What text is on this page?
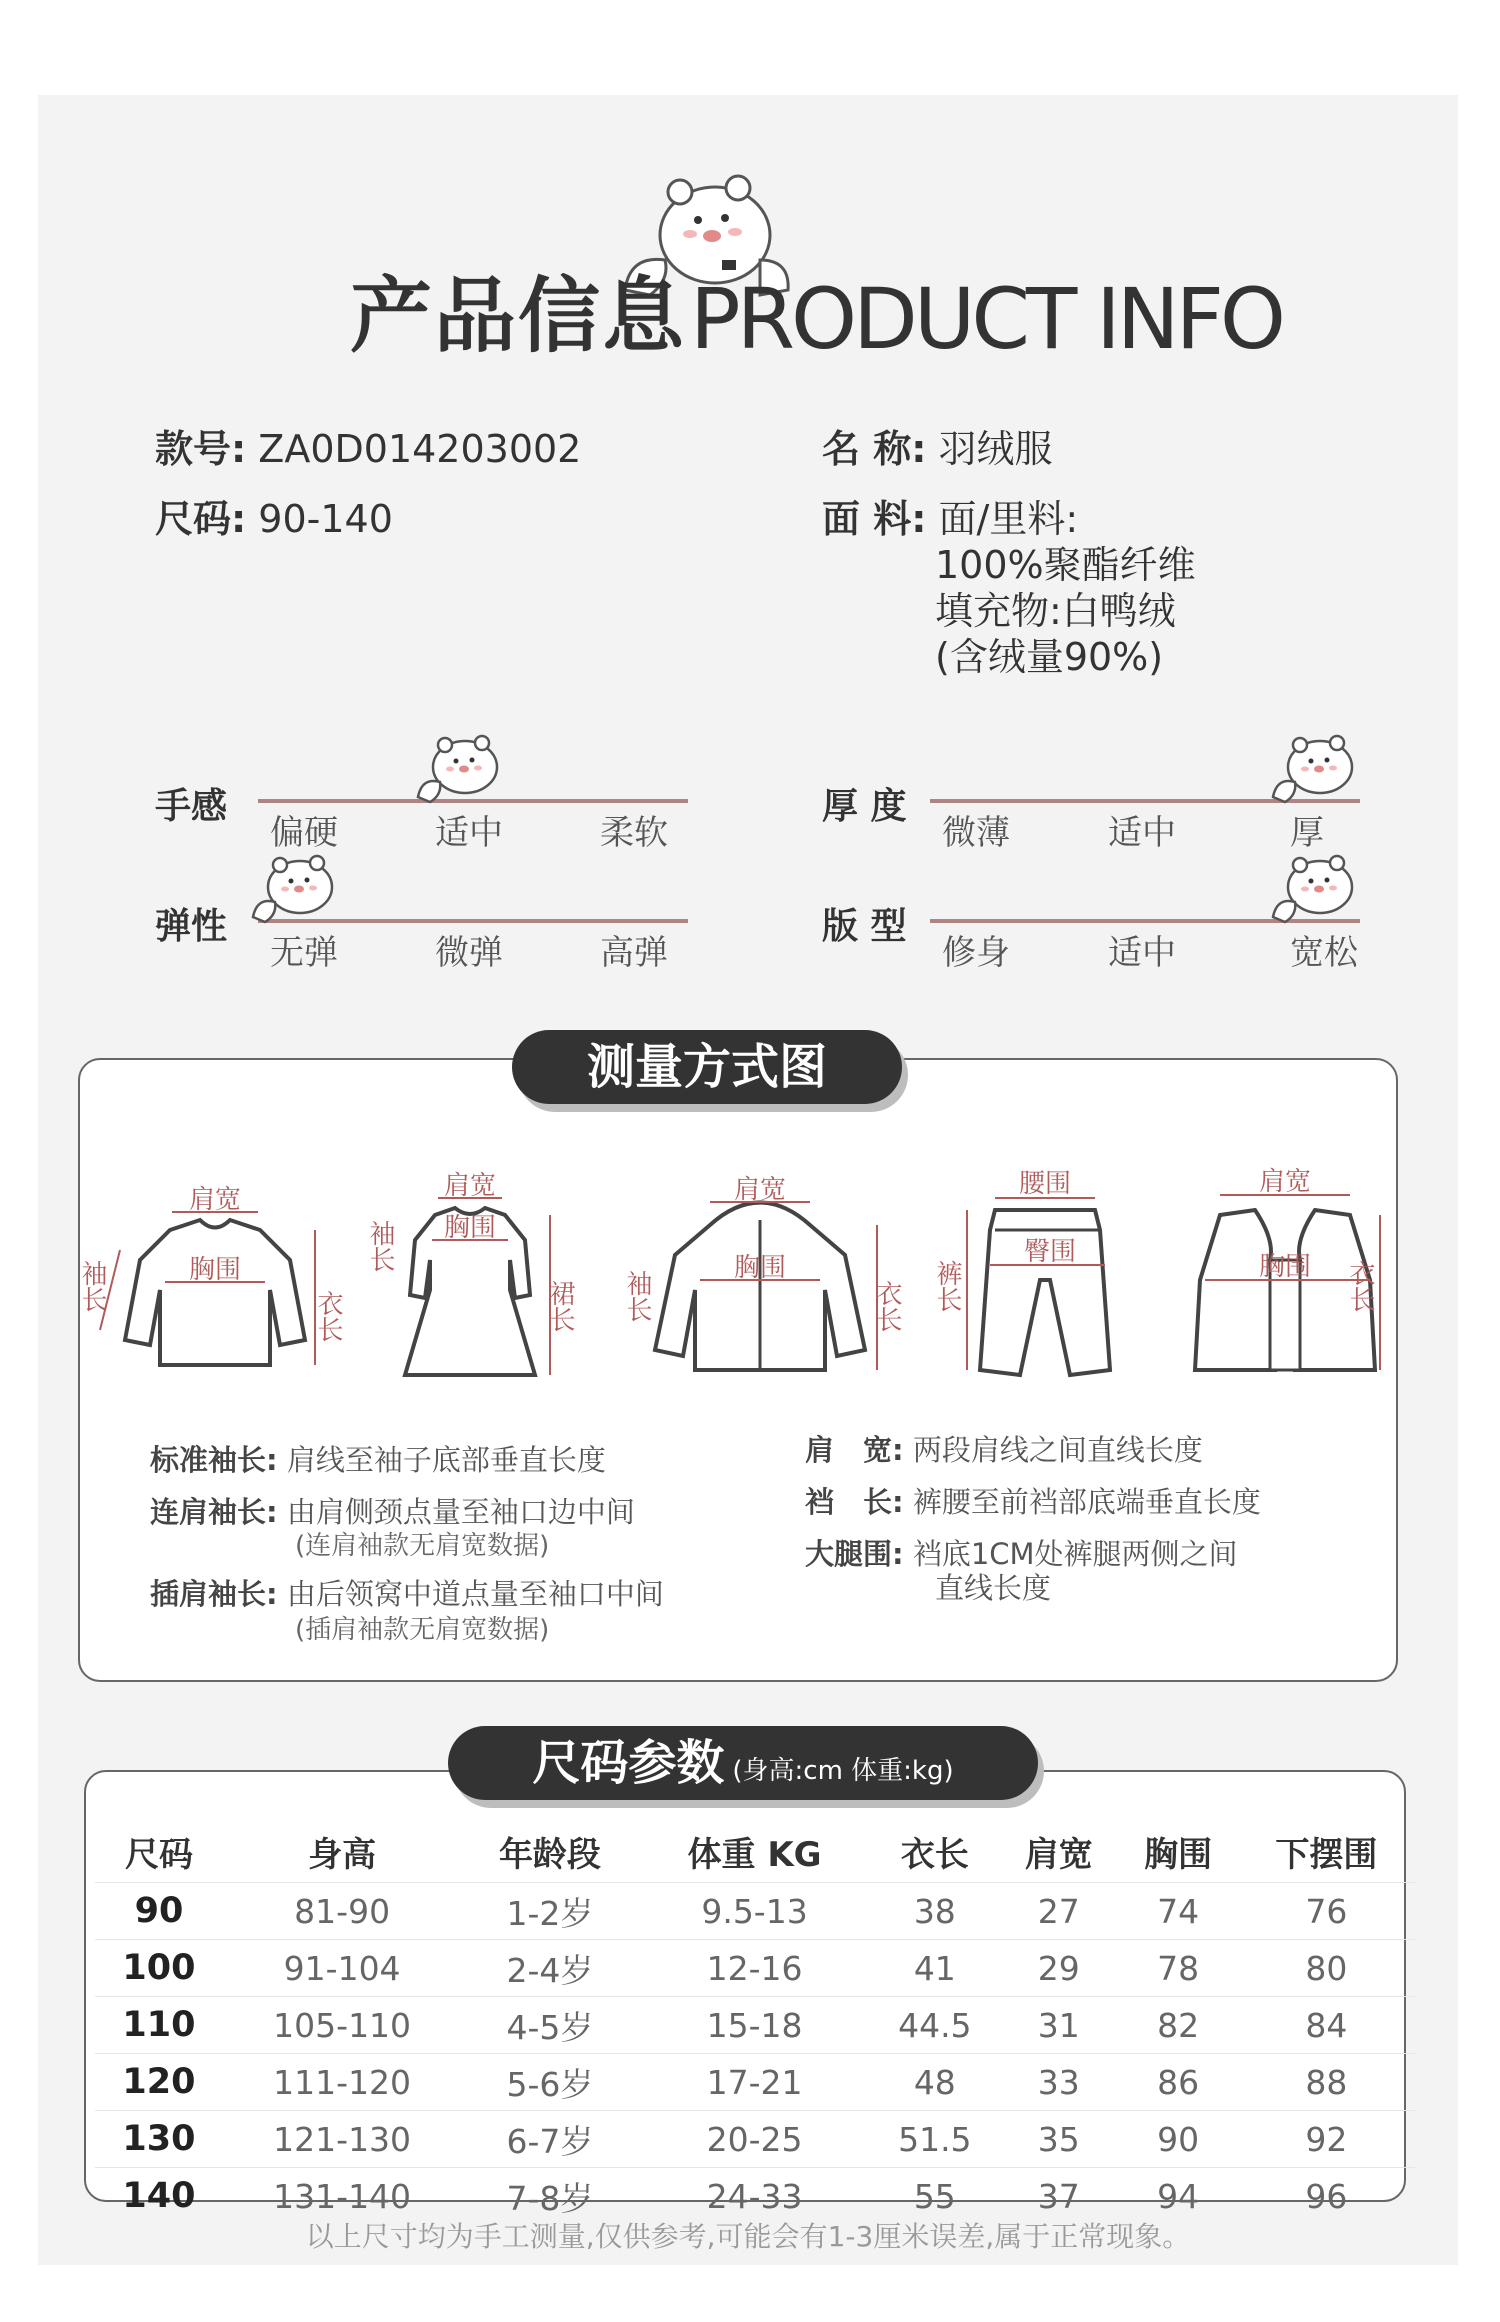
产品信息 PRODUCT INFO
款号: ZA0D014203002
尺码: 90-140
名 称: 羽绒服
面 料: 面/里料:
100%聚酯纤维
填充物:白鸭绒
(含绒量90%)
手感
偏硬	适中	柔软
厚 度
微薄	适中	厚
弹性
无弹	微弹	高弹
版 型
修身	适中	宽松
测量方式图
肩宽
胸围
衣长
袖长
肩宽
胸围
裙长
袖长
肩宽
胸围
衣长
袖长
腰围
臀围
裤长
肩宽
胸围 衣长
标准袖长: 肩线至袖子底部垂直长度
连肩袖长: 由肩侧颈点量至袖口边中间
(连肩袖款无肩宽数据)
插肩袖长: 由后领窝中道点量至袖口中间
(插肩袖款无肩宽数据)
肩　宽: 两段肩线之间直线长度
裆　长: 裤腰至前裆部底端垂直长度
大腿围: 裆底1CM处裤腿两侧之间
直线长度
尺码参数 (身高:cm 体重:kg)
尺码	身高	年龄段	体重 KG	衣长	肩宽	胸围	下摆围
90	81-90	1-2岁	9.5-13	38	27	74	76
100	91-104	2-4岁	12-16	41	29	78	80
110	105-110	4-5岁	15-18	44.5	31	82	84
120	111-120	5-6岁	17-21	48	33	86	88
130	121-130	6-7岁	20-25	51.5	35	90	92
140	131-140	7-8岁	24-33	55	37	94	96
以上尺寸均为手工测量,仅供参考,可能会有1-3厘米误差,属于正常现象。
